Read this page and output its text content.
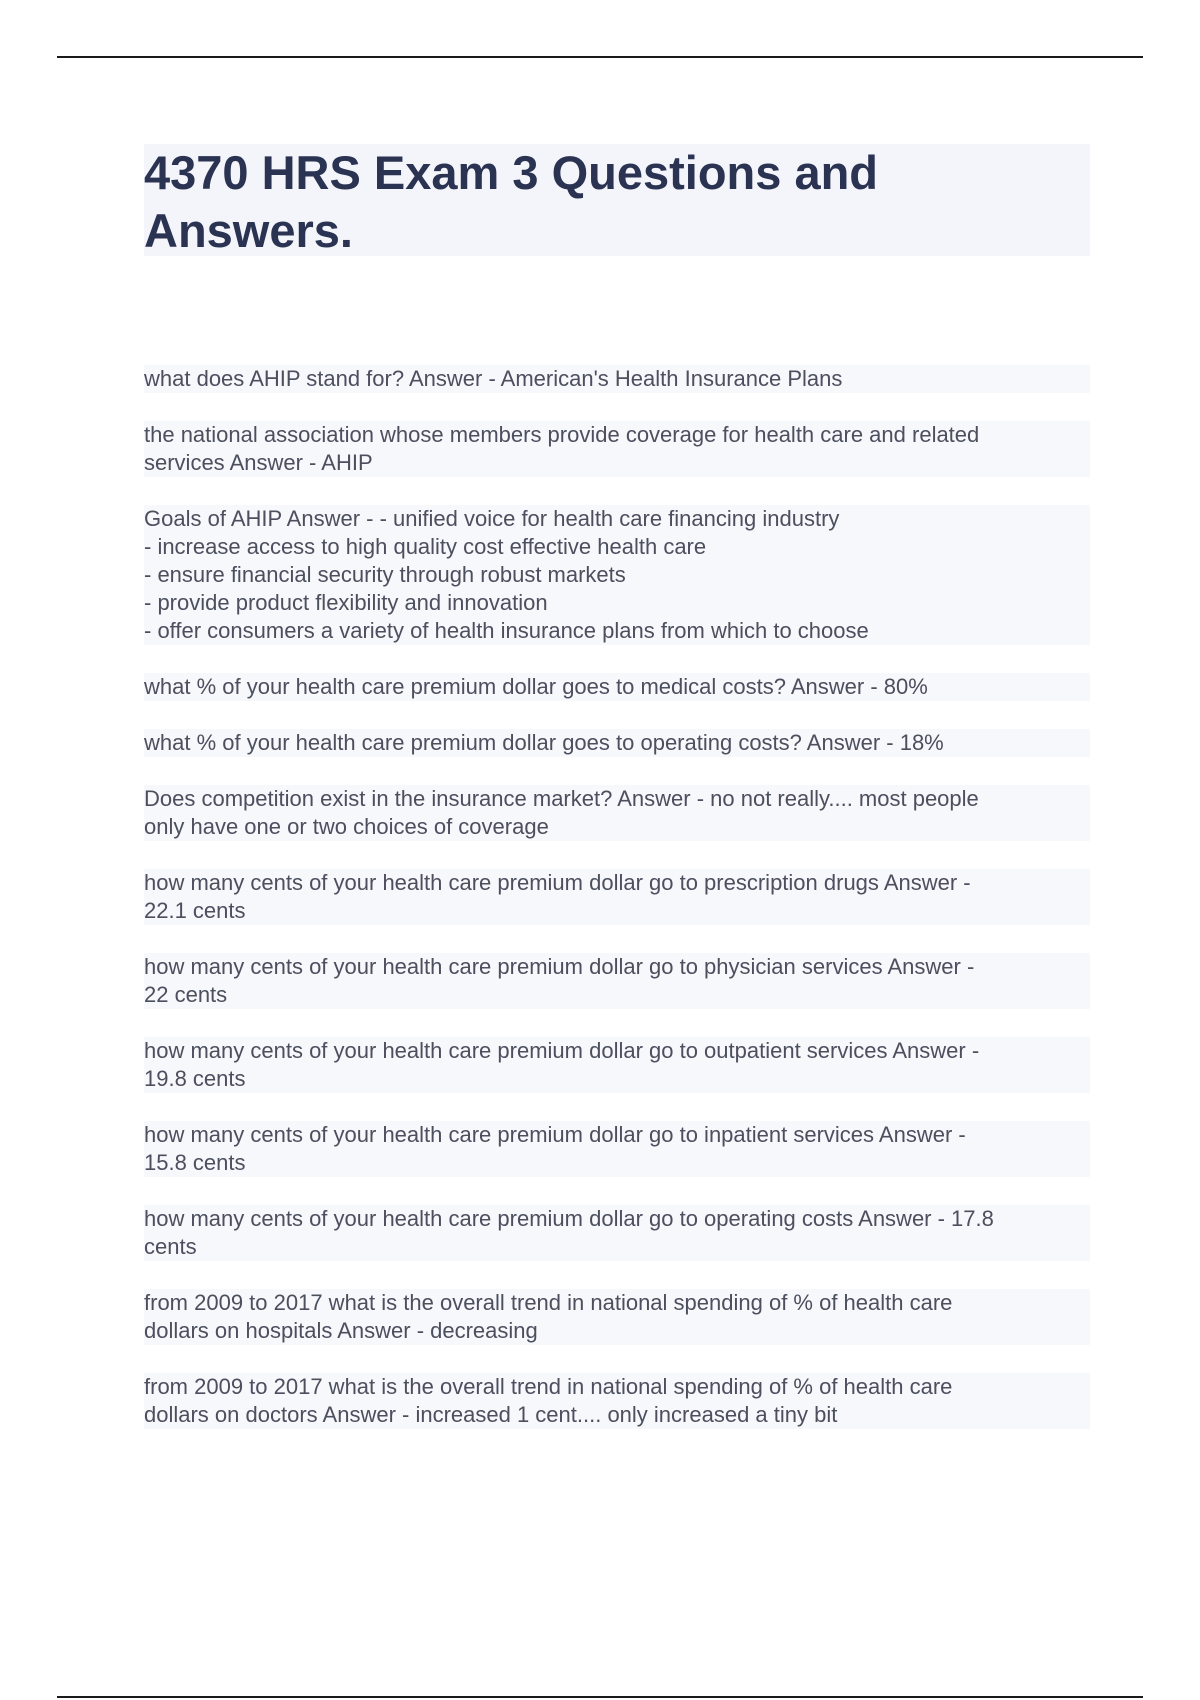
4370 HRS Exam 3 Questions and
Answers.

what does AHIP stand for? Answer - American's Health Insurance Plans

the national association whose members provide coverage for health care and related
services Answer - AHIP

Goals of AHIP Answer - - unified voice for health care financing industry
- increase access to high quality cost effective health care
- ensure financial security through robust markets
- provide product flexibility and innovation
- offer consumers a variety of health insurance plans from which to choose

what % of your health care premium dollar goes to medical costs? Answer - 80%

what % of your health care premium dollar goes to operating costs? Answer - 18%

Does competition exist in the insurance market? Answer - no not really.... most people
only have one or two choices of coverage

how many cents of your health care premium dollar go to prescription drugs Answer -
22.1 cents

how many cents of your health care premium dollar go to physician services Answer -
22 cents

how many cents of your health care premium dollar go to outpatient services Answer -
19.8 cents

how many cents of your health care premium dollar go to inpatient services Answer -
15.8 cents

how many cents of your health care premium dollar go to operating costs Answer - 17.8
cents

from 2009 to 2017 what is the overall trend in national spending of % of health care
dollars on hospitals Answer - decreasing

from 2009 to 2017 what is the overall trend in national spending of % of health care
dollars on doctors Answer - increased 1 cent.... only increased a tiny bit
